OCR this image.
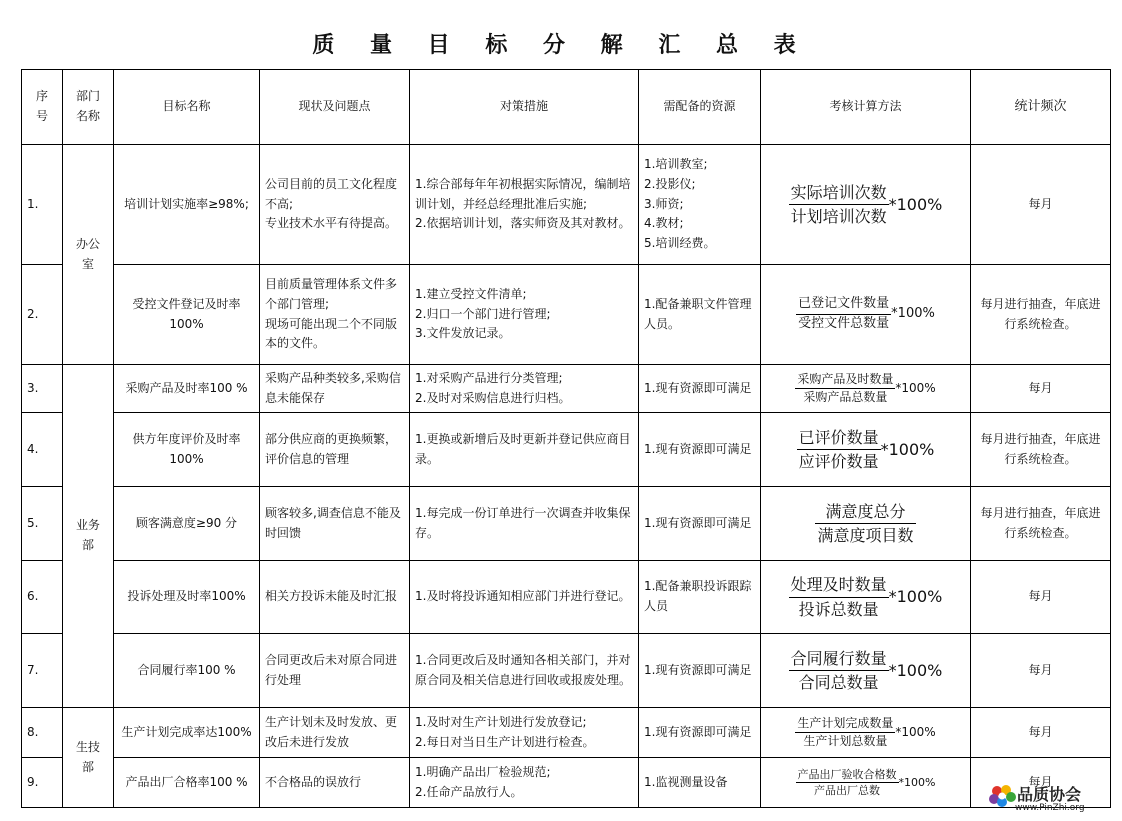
质 量 目 标 分 解 汇 总 表
序
号	部门
名称	目标名称	现状及问题点	对策措施	需配备的资源	考核计算方法	统计频次
1.	办公
室	培训计划实施率≥98%;	公司目前的员工文化程度不高;
专业技术水平有待提高。	1.综合部每年年初根据实际情况，编制培训计划，并经总经理批准后实施;
2.依据培训计划，落实师资及其对教材。	1.培训教室;
2.投影仪;
3.师资;
4.教材;
5.培训经费。	$\frac{\text{实际培训次数}}{\text{计划培训次数}} *100\%$	每月
2.		受控文件登记及时率100%	目前质量管理体系文件多个部门管理;
现场可能出现二个不同版本的文件。	1.建立受控文件清单;
2.归口一个部门进行管理;
3.文件发放记录。	1.配备兼职文件管理人员。	$\frac{\text{已登记文件数量}}{\text{受控文件总数量}} *100\%$	每月进行抽查，年底进行系统检查。
3.	业务
部	采购产品及时率100 %	采购产品种类较多,采购信息未能保存	1.对采购产品进行分类管理;
2.及时对采购信息进行归档。	1.现有资源即可满足	$\frac{\text{采购产品及时数量}}{\text{采购产品总数量}} *100\%$	每月
4.		供方年度评价及时率100%	部分供应商的更换频繁，评价信息的管理	1.更换或新增后及时更新并登记供应商目录。	1.现有资源即可满足	$\frac{\text{已评价数量}}{\text{应评价数量}} *100\%$	每月进行抽查，年底进行系统检查。
5.		顾客满意度≥90 分	顾客较多,调查信息不能及时回馈	1.每完成一份订单进行一次调查并收集保存。	1.现有资源即可满足	$\frac{\text{满意度总分}}{\text{满意度项目数}}$	每月进行抽查，年底进行系统检查。
6.		投诉处理及时率100%	相关方投诉未能及时汇报	1.及时将投诉通知相应部门并进行登记。	1.配备兼职投诉跟踪人员	$\frac{\text{处理及时数量}}{\text{投诉总数量}} *100\%$	每月
7.		合同履行率100 %	合同更改后未对原合同进行处理	1.合同更改后及时通知各相关部门，并对原合同及相关信息进行回收或报废处理。	1.现有资源即可满足	$\frac{\text{合同履行数量}}{\text{合同总数量}} *100\%$	每月
8.	生技
部	生产计划完成率达100%	生产计划未及时发放、更改后未进行发放	1.及时对生产计划进行发放登记;
2.每日对当日生产计划进行检查。	1.现有资源即可满足	$\frac{\text{生产计划完成数量}}{\text{生产计划总数量}} *100\%$	每月
9.		产品出厂合格率100 %	不合格品的误放行	1.明确产品出厂检验规范;
2.任命产品放行人。	1.监视测量设备	$\frac{\text{产品出厂验收合格数}}{\text{产品出厂总数}} *100\%$	每月
品质协会
www.PinZhi.org
